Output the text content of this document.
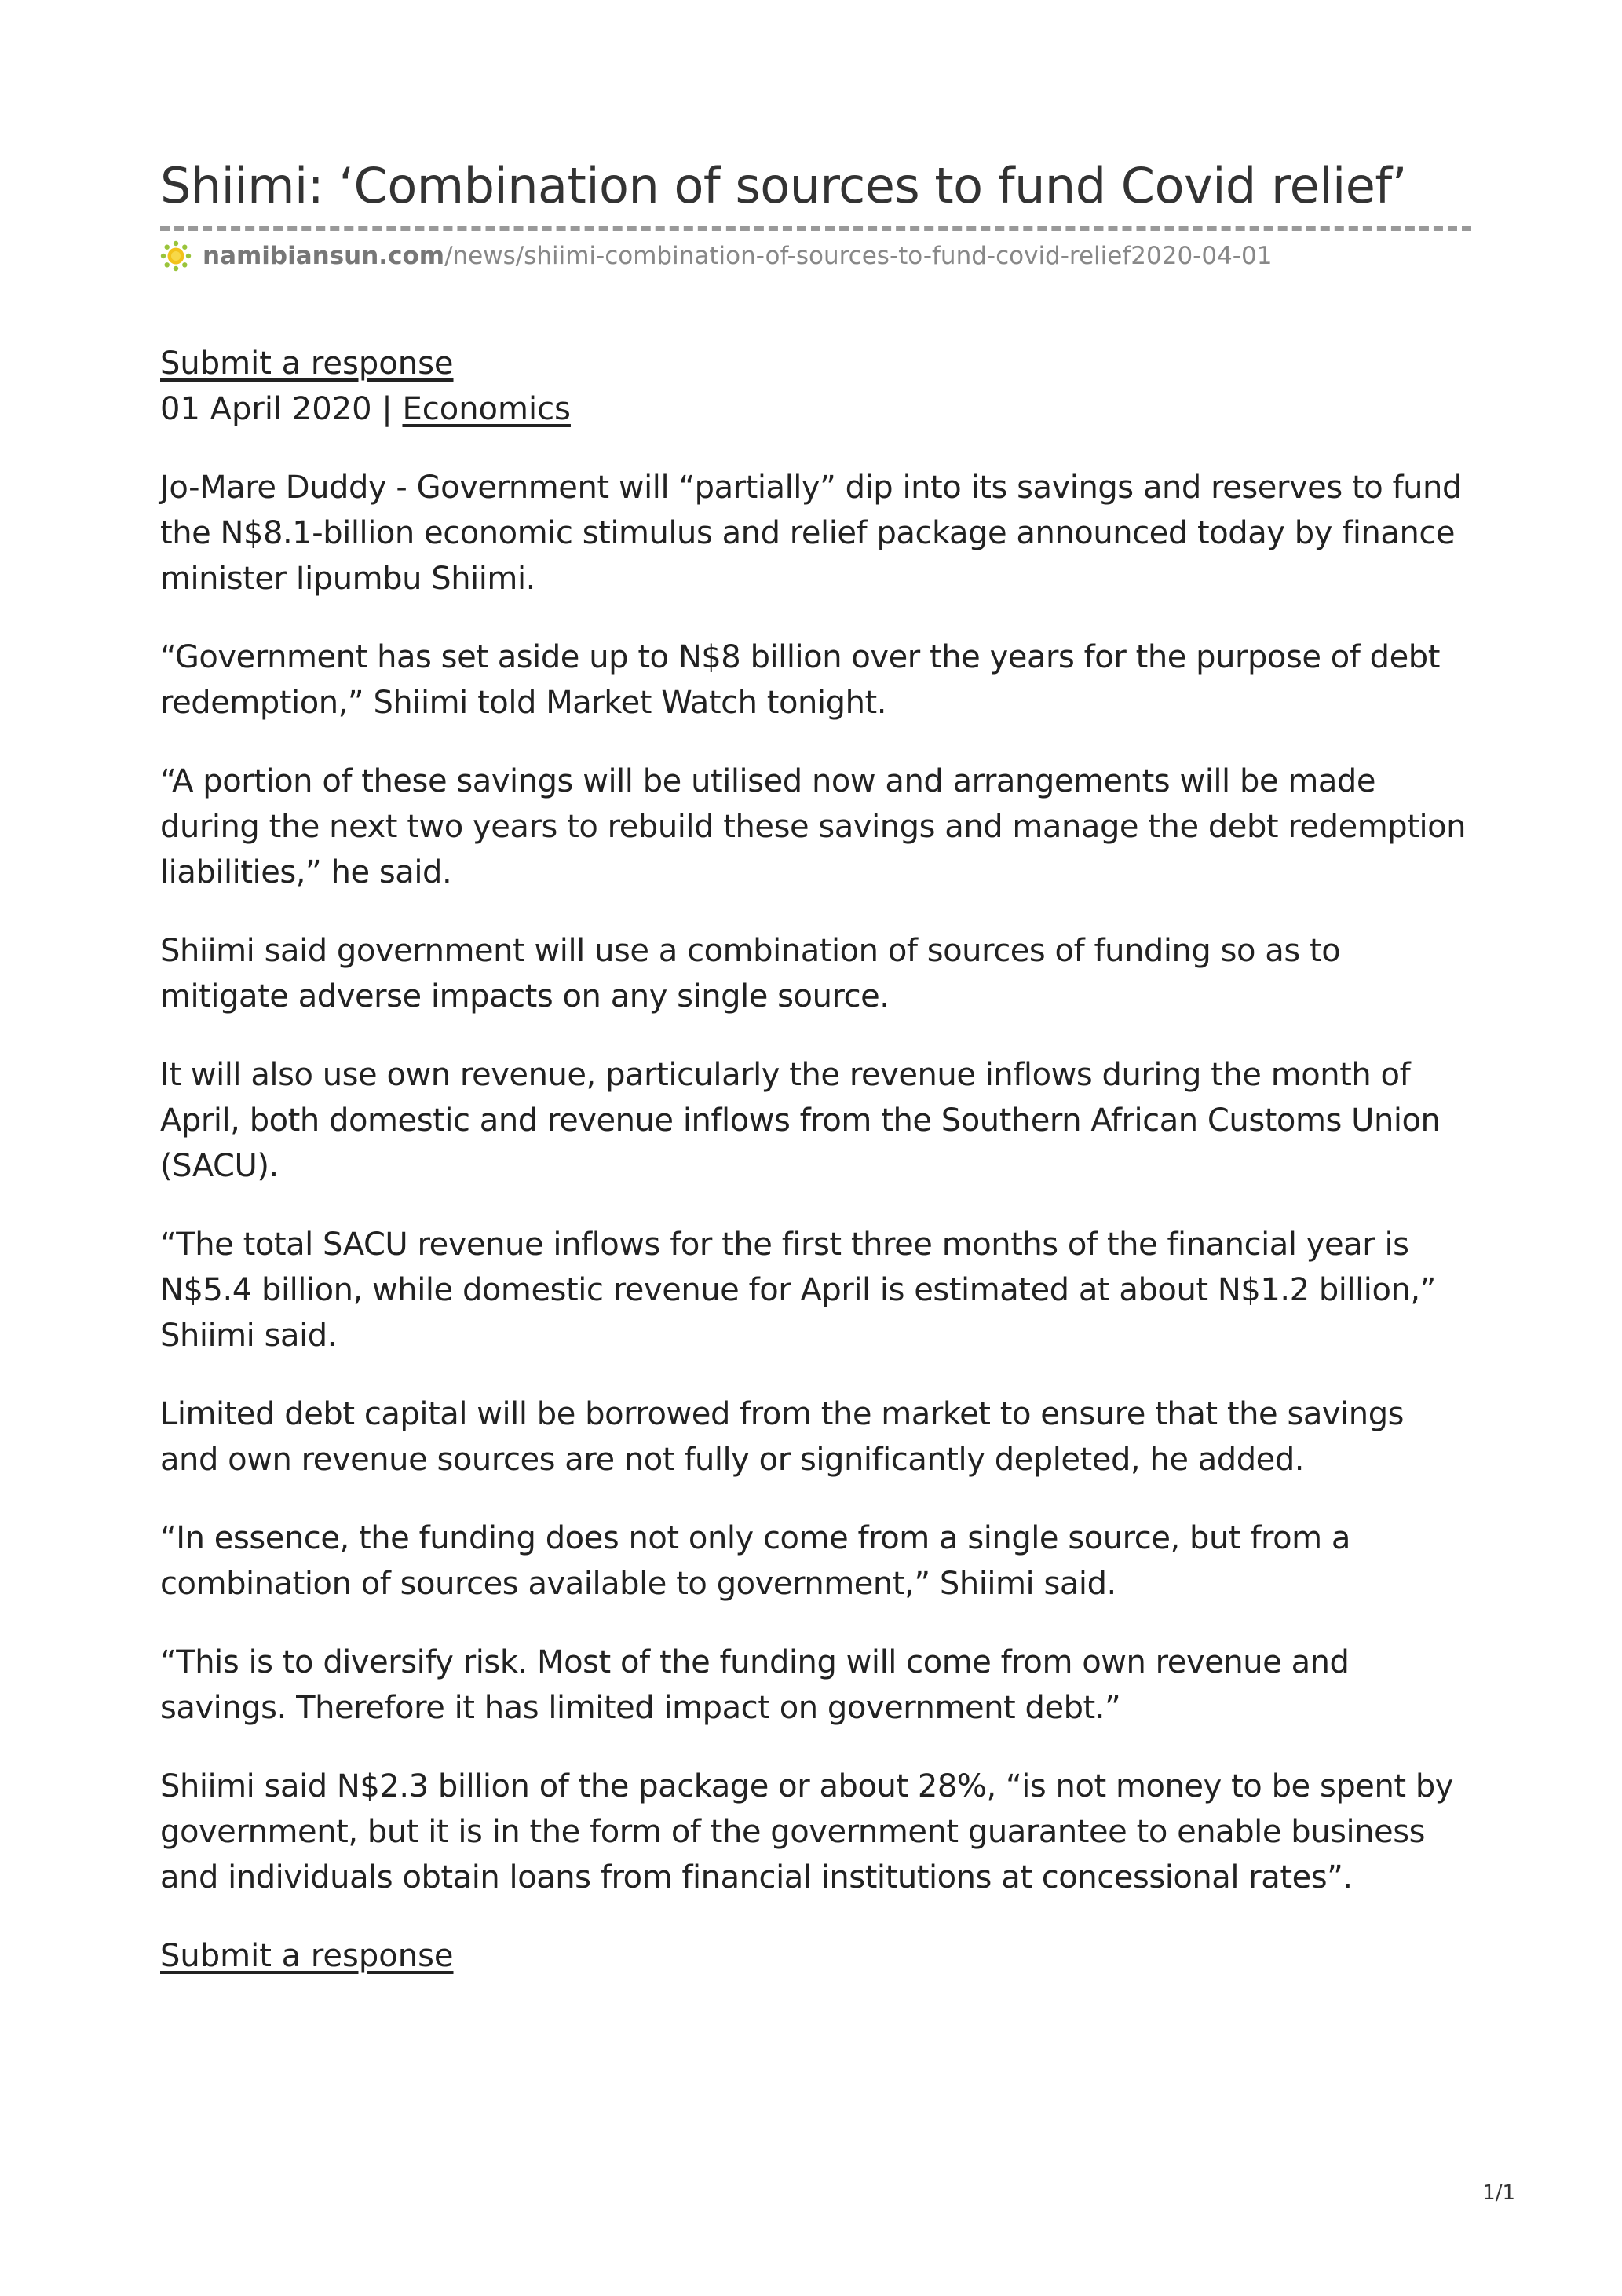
Shiimi: ‘Combination of sources to fund Covid relief’
namibiansun.com /news/shiimi-combination-of-sources-to-fund-covid-relief2020-04-01
Submit a response
01 April 2020 | Economics

Jo-Mare Duddy - Government will “partially” dip into its savings and reserves to fund the N$8.1-billion economic stimulus and relief package announced today by finance minister Iipumbu Shiimi.

“Government has set aside up to N$8 billion over the years for the purpose of debt redemption,” Shiimi told Market Watch tonight.

“A portion of these savings will be utilised now and arrangements will be made during the next two years to rebuild these savings and manage the debt redemption liabilities,” he said.

Shiimi said government will use a combination of sources of funding so as to mitigate adverse impacts on any single source.

It will also use own revenue, particularly the revenue inflows during the month of April, both domestic and revenue inflows from the Southern African Customs Union (SACU).

“The total SACU revenue inflows for the first three months of the financial year is N$5.4 billion, while domestic revenue for April is estimated at about N$1.2 billion,” Shiimi said.

Limited debt capital will be borrowed from the market to ensure that the savings and own revenue sources are not fully or significantly depleted, he added.

“In essence, the funding does not only come from a single source, but from a combination of sources available to government,” Shiimi said.

“This is to diversify risk. Most of the funding will come from own revenue and savings. Therefore it has limited impact on government debt.”

Shiimi said N$2.3 billion of the package or about 28%, “is not money to be spent by government, but it is in the form of the government guarantee to enable business and individuals obtain loans from financial institutions at concessional rates”.

Submit a response
1/1
